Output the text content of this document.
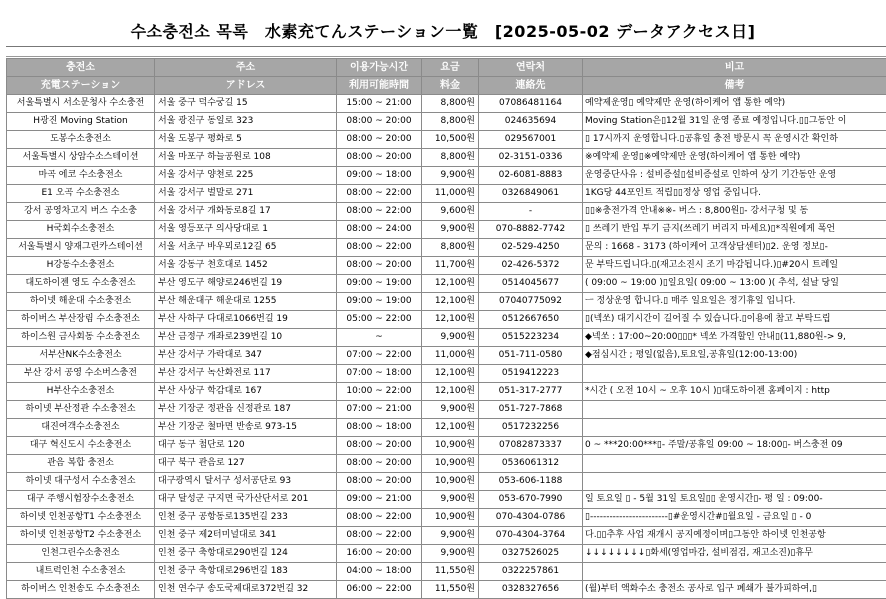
수소충전소 목록　水素充てんステーション一覧　[2025-05-02 データアクセス日]
충전소	주소	이용가능시간	요금	연락처	비고
充電ステーション	アドレス	利用可能時間	料金	連絡先	備考
서울특별시 서소문청사 수소충전	서울 중구 덕수궁길 15	15:00 ~ 21:00	8,800원	07086481164	예약제운영▯ 예약제만 운영(하이케어 앱 통한 예약)
H광진 Moving Station	서울 광진구 동일로 323	08:00 ~ 20:00	8,800원	024635694	Moving Station은▯12월 31일 운영 종료 예정입니다.▯▯그동안 이
도봉수소충전소	서울 도봉구 평화로 5	08:00 ~ 20:00	10,500원	029567001	▯ 17시까지 운영합니다.▯공휴일 충전 방문시 꼭 운영시간 확인하
서울특별시 상암수소스테이션	서울 마포구 하늘공원로 108	08:00 ~ 20:00	8,800원	02-3151-0336	※예약제 운영▯※예약제만 운영(하이케어 앱 통한 예약)
마곡 에코 수소충전소	서울 강서구 양천로 225	09:00 ~ 18:00	9,900원	02-6081-8883	운영중단사유 : 설비증설▯설비증설로 인하여 상기 기간동안 운영
E1 오곡 수소충전소	서울 강서구 벌말로 271	08:00 ~ 22:00	11,000원	0326849061	1KG당 44포인트 적립▯▯정상 영업 중입니다.
강서 공영차고지 버스 수소충	서울 강서구 개화동로8길 17	08:00 ~ 22:00	9,600원	-	▯▯※충전가격 안내※※- 버스 : 8,800원▯- 강서구청 및 동
H국회수소충전소	서울 영등포구 의사당대로 1	08:00 ~ 24:00	9,900원	070-8882-7742	▯ 쓰레기 반입 투기 금지(쓰레기 버리지 마세요)▯*직원에게 폭언
서울특별시 양재그린카스테이션	서울 서초구 바우뫼로12길 65	08:00 ~ 22:00	8,800원	02-529-4250	문의 : 1668 - 3173 (하이케어 고객상담센터)▯2. 운영 정보▯-
H강동수소충전소	서울 강동구 천호대로 1452	08:00 ~ 20:00	11,700원	02-426-5372	문 부탁드립니다.▯(재고소진시 조기 마감됩니다.)▯#20시 트레일
대도하이젠 영도 수소충전소	부산 영도구 해양로246번길 19	09:00 ~ 19:00	12,100원	0514045677	( 09:00 ~ 19:00 )▯일요일( 09:00 ~ 13:00 )( 추석, 설날 당일
하이넷 해운대 수소충전소	부산 해운대구 해운대로 1255	09:00 ~ 19:00	12,100원	07040775092	ㅡ 정상운영 합니다.▯ 매주 일요일은 정기휴일 입니다.
하이버스 부산장림 수소충전소	부산 사하구 다대로1066번길 19	05:00 ~ 22:00	12,100원	0512667650	▯(넥쏘) 대기시간이 길어질 수 있습니다.▯이용에 참고 부탁드립
하이스원 금사회동 수소충전소	부산 금정구 개좌로239번길 10	~	9,900원	0515223234	◆넥쏘 : 17:00~20:00▯▯▯* 넥쏘 가격할인 안내▯(11,880원-> 9,
서부산NK수소충전소	부산 강서구 가락대로 347	07:00 ~ 22:00	11,000원	051-711-0580	◆점심시간 ; 평일(없음),토요일,공휴일(12:00-13:00)
부산 강서 공영 수소버스충전	부산 강서구 녹산화전로 117	07:00 ~ 18:00	12,100원	0519412223	
H부산수소충전소	부산 사상구 학감대로 167	10:00 ~ 22:00	12,100원	051-317-2777	*시간 ( 오전 10시 ~ 오후 10시 )▯대도하이젠 홈페이지 : http
하이넷 부산정관 수소충전소	부산 기장군 정관읍 신정관로 187	07:00 ~ 21:00	9,900원	051-727-7868	
대진여객수소충전소	부산 기장군 철마면 반송로 973-15	08:00 ~ 18:00	12,100원	0517232256	
대구 혁신도시 수소충전소	대구 동구 첨단로 120	08:00 ~ 20:00	10,900원	07082873337	0 ~ ***20:00***▯- 주말/공휴일 09:00 ~ 18:00▯- 버스충전 09
관음 복합 충전소	대구 북구 관음로 127	08:00 ~ 20:00	10,900원	0536061312	
하이넷 대구성서 수소충전소	대구광역시 달서구 성서공단로 93	08:00 ~ 20:00	10,900원	053-606-1188	
대구 주행시험장수소충전소	대구 달성군 구지면 국가산단서로 201	09:00 ~ 21:00	9,900원	053-670-7990	일 토요일 ▯ - 5월 31일 토요일▯▯ 운영시간▯- 평 일 : 09:00-
하이넷 인천공항T1 수소충전소	인천 중구 공항동로135번길 233	08:00 ~ 22:00	10,900원	070-4304-0786	▯------------------------▯#운영시간#▯월요일 - 금요일 ▯ - 0
하이넷 인천공항T2 수소충전소	인천 중구 제2터미널대로 341	08:00 ~ 22:00	9,900원	070-4304-3764	다.▯▯추후 사업 재개시 공지예정이며▯그동안 하이넷 인천공항
인천그린수소충전소	인천 중구 축항대로290번길 124	16:00 ~ 20:00	9,900원	0327526025	↓↓↓↓↓↓↓↓▯화세(영업마감, 설비점검, 재고소진)▯휴무
내트럭인천 수소충전소	인천 중구 축항대로296번길 183	04:00 ~ 18:00	11,550원	0322257861	
하이버스 인천송도 수소충전소	인천 연수구 송도국제대로372번길 32	06:00 ~ 22:00	11,550원	0328327656	(월)부터 액화수소 충전소 공사로 입구 폐쇄가 불가피하여,▯
